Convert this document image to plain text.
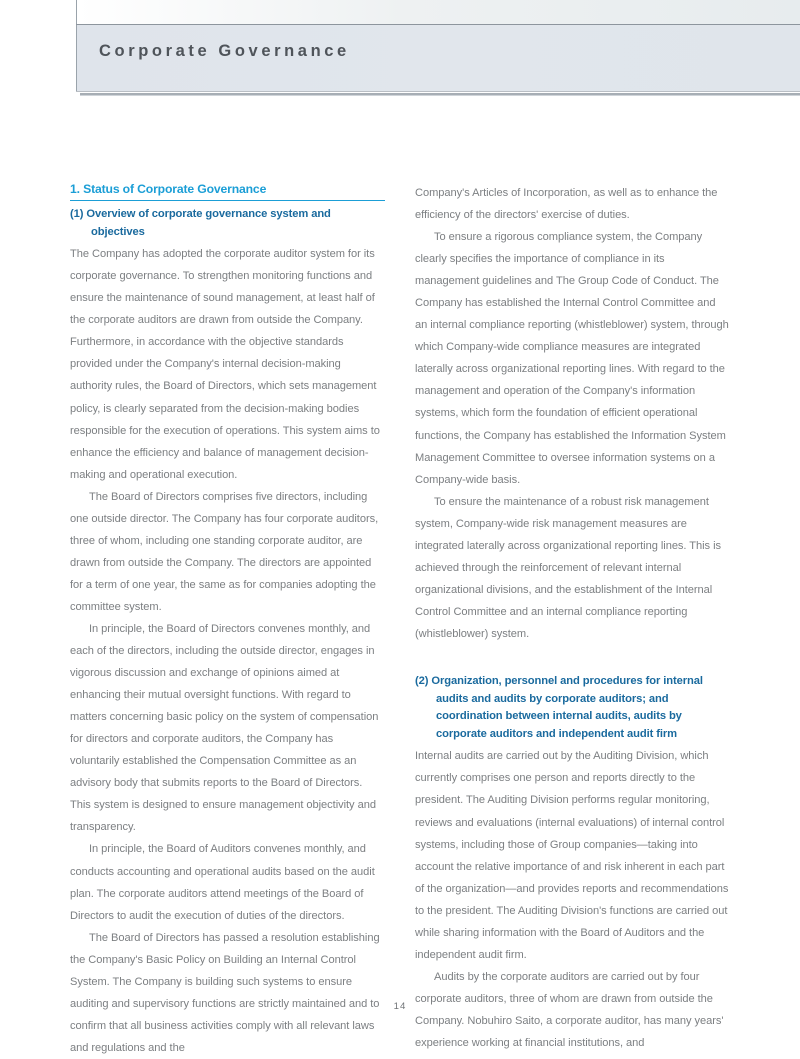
Corporate Governance
1. Status of Corporate Governance
(1) Overview of corporate governance system and objectives

The Company has adopted the corporate auditor system for its corporate governance. To strengthen monitoring functions and ensure the maintenance of sound management, at least half of the corporate auditors are drawn from outside the Company. Furthermore, in accordance with the objective standards provided under the Company's internal decision-making authority rules, the Board of Directors, which sets management policy, is clearly separated from the decision-making bodies responsible for the execution of operations. This system aims to enhance the efficiency and balance of management decision-making and operational execution.

The Board of Directors comprises five directors, including one outside director. The Company has four corporate auditors, three of whom, including one standing corporate auditor, are drawn from outside the Company. The directors are appointed for a term of one year, the same as for companies adopting the committee system.

In principle, the Board of Directors convenes monthly, and each of the directors, including the outside director, engages in vigorous discussion and exchange of opinions aimed at enhancing their mutual oversight functions. With regard to matters concerning basic policy on the system of compensation for directors and corporate auditors, the Company has voluntarily established the Compensation Committee as an advisory body that submits reports to the Board of Directors. This system is designed to ensure management objectivity and transparency.

In principle, the Board of Auditors convenes monthly, and conducts accounting and operational audits based on the audit plan. The corporate auditors attend meetings of the Board of Directors to audit the execution of duties of the directors.

The Board of Directors has passed a resolution establishing the Company's Basic Policy on Building an Internal Control System. The Company is building such systems to ensure auditing and supervisory functions are strictly maintained and to confirm that all business activities comply with all relevant laws and regulations and the

Company's Articles of Incorporation, as well as to enhance the efficiency of the directors' exercise of duties.

To ensure a rigorous compliance system, the Company clearly specifies the importance of compliance in its management guidelines and The Group Code of Conduct. The Company has established the Internal Control Committee and an internal compliance reporting (whistleblower) system, through which Company-wide compliance measures are integrated laterally across organizational reporting lines. With regard to the management and operation of the Company's information systems, which form the foundation of efficient operational functions, the Company has established the Information System Management Committee to oversee information systems on a Company-wide basis.

To ensure the maintenance of a robust risk management system, Company-wide risk management measures are integrated laterally across organizational reporting lines. This is achieved through the reinforcement of relevant internal organizational divisions, and the establishment of the Internal Control Committee and an internal compliance reporting (whistleblower) system.

(2) Organization, personnel and procedures for internal audits and audits by corporate auditors; and coordination between internal audits, audits by corporate auditors and independent audit firm

Internal audits are carried out by the Auditing Division, which currently comprises one person and reports directly to the president. The Auditing Division performs regular monitoring, reviews and evaluations (internal evaluations) of internal control systems, including those of Group companies—taking into account the relative importance of and risk inherent in each part of the organization—and provides reports and recommendations to the president. The Auditing Division's functions are carried out while sharing information with the Board of Auditors and the independent audit firm.

Audits by the corporate auditors are carried out by four corporate auditors, three of whom are drawn from outside the Company. Nobuhiro Saito, a corporate auditor, has many years' experience working at financial institutions, and

14
